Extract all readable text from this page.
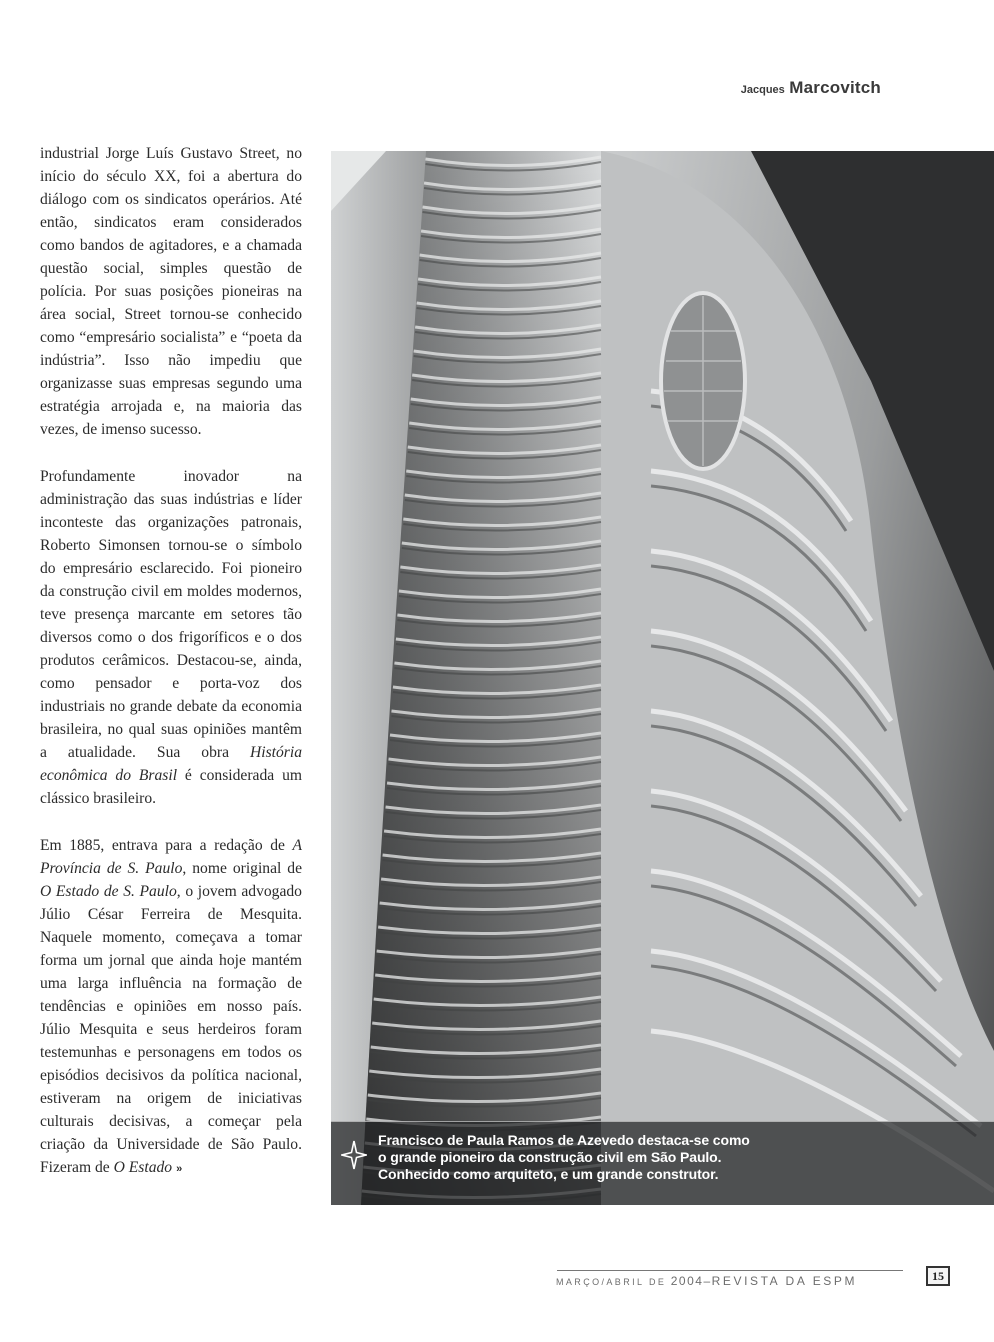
Jacques Marcovitch

industrial Jorge Luís Gustavo Street, no início do século XX, foi a abertura do diálogo com os sindicatos operários. Até então, sindicatos eram considerados como bandos de agitadores, e a chamada questão social, simples questão de polícia. Por suas posições pioneiras na área social, Street tornou-se conhecido como “empresário socialista” e “poeta da indústria”. Isso não impediu que organizasse suas empresas segundo uma estratégia arrojada e, na maioria das vezes, de imenso sucesso.

Profundamente inovador na administração das suas indústrias e líder inconteste das organizações patronais, Roberto Simonsen tornou-se o símbolo do empresário esclarecido. Foi pioneiro da construção civil em moldes modernos, teve presença marcante em setores tão diversos como o dos frigoríficos e o dos produtos cerâmicos. Destacou-se, ainda, como pensador e porta-voz dos industriais no grande debate da economia brasileira, no qual suas opiniões mantêm a atualidade. Sua obra História econômica do Brasil é considerada um clássico brasileiro.

Em 1885, entrava para a redação de A Província de S. Paulo, nome original de O Estado de S. Paulo, o jovem advogado Júlio César Ferreira de Mesquita. Naquele momento, começava a tomar forma um jornal que ainda hoje mantém uma larga influência na formação de tendências e opiniões em nosso país. Júlio Mesquita e seus herdeiros foram testemunhas e personagens em todos os episódios decisivos da política nacional, estiveram na origem de iniciativas culturais decisivas, a começar pela criação da Universidade de São Paulo. Fizeram de O Estado »

Francisco de Paula Ramos de Azevedo destaca-se como
o grande pioneiro da construção civil em São Paulo.
Conhecido como arquiteto, e um grande construtor.
MARÇO/ABRIL DE 2004–REVISTA DA ESPM	15
